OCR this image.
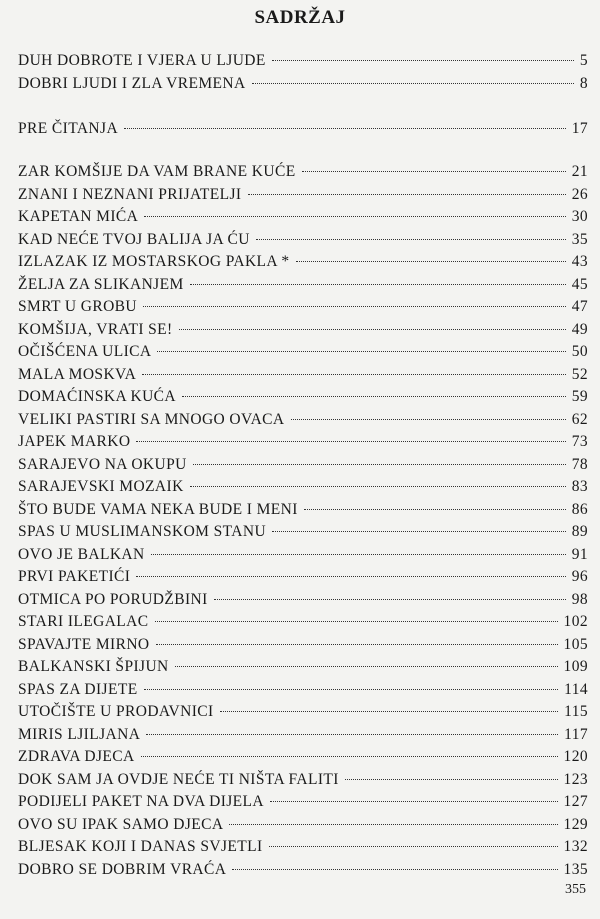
SADRŽAJ
DUH DOBROTE I VJERA U LJUDE	5
DOBRI LJUDI I ZLA VREMENA	8
PRE ČITANJA	17
ZAR KOMŠIJE DA VAM BRANE KUĆE	21
ZNANI I NEZNANI PRIJATELJI	26
KAPETAN MIĆA	30
KAD NEĆE TVOJ BALIJA JA ĆU	35
IZLAZAK IZ MOSTARSKOG PAKLA *	43
ŽELJA ZA SLIKANJEM	45
SMRT U GROBU	47
KOMŠIJA, VRATI SE!	49
OČIŠĆENA ULICA	50
MALA MOSKVA	52
DOMAĆINSKA KUĆA	59
VELIKI PASTIRI SA MNOGO OVACA	62
JAPEK MARKO	73
SARAJEVO NA OKUPU	78
SARAJEVSKI MOZAIK	83
ŠTO BUDE VAMA NEKA BUDE I MENI	86
SPAS U MUSLIMANSKOM STANU	89
OVO JE BALKAN	91
PRVI PAKETIĆI	96
OTMICA PO PORUDŽBINI	98
STARI ILEGALAC	102
SPAVAJTE MIRNO	105
BALKANSKI ŠPIJUN	109
SPAS ZA DIJETE	114
UTOČIŠTE U PRODAVNICI	115
MIRIS LJILJANA	117
ZDRAVA DJECA	120
DOK SAM JA OVDJE NEĆE TI NIŠTA FALITI	123
PODIJELI PAKET NA DVA DIJELA	127
OVO SU IPAK SAMO DJECA	129
BLJESAK KOJI I DANAS SVJETLI	132
DOBRO SE DOBRIM VRAĆA	135
355
